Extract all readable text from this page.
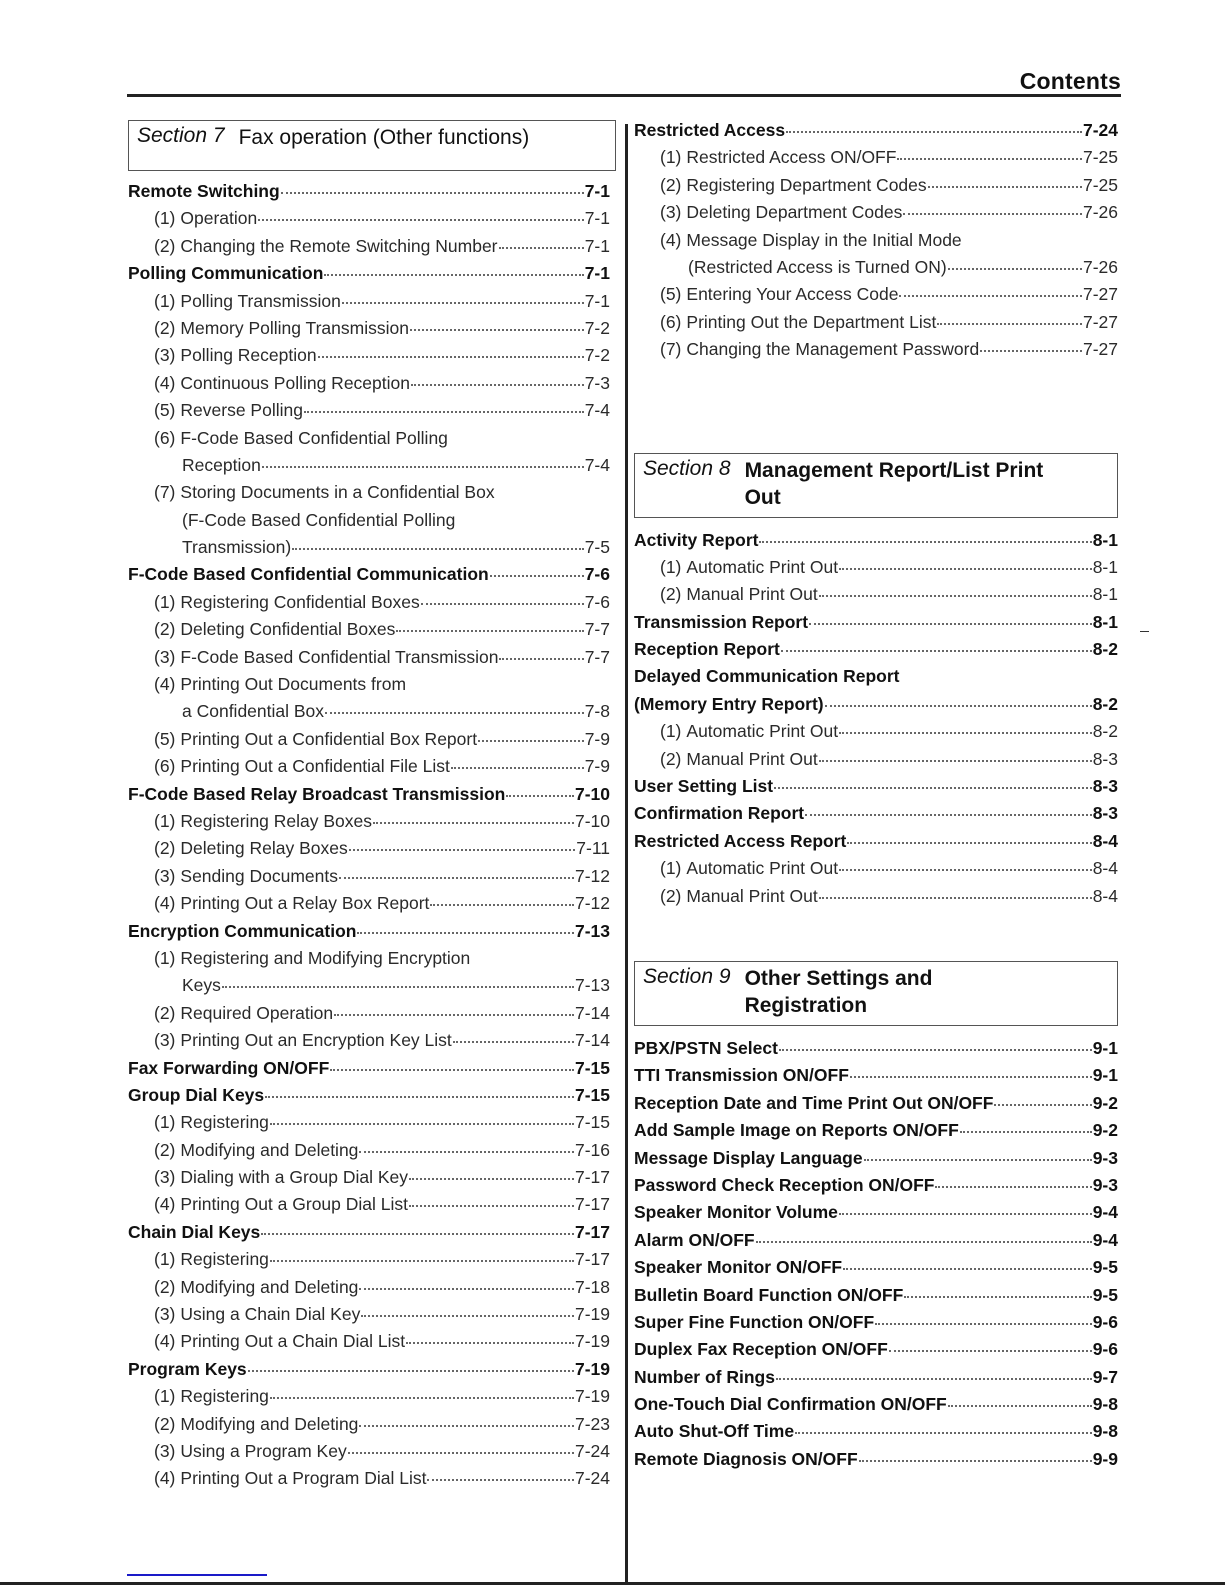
Contents
Section 7 Fax operation (Other functions)
Remote Switching	7-1
(1) Operation	7-1
(2) Changing the Remote Switching Number	7-1
Polling Communication	7-1
(1) Polling Transmission	7-1
(2) Memory Polling Transmission	7-2
(3) Polling Reception	7-2
(4) Continuous Polling Reception	7-3
(5) Reverse Polling	7-4
(6) F-Code Based Confidential Polling
Reception	7-4
(7) Storing Documents in a Confidential Box
(F-Code Based Confidential Polling
Transmission)	7-5
F-Code Based Confidential Communication	7-6
(1) Registering Confidential Boxes	7-6
(2) Deleting Confidential Boxes	7-7
(3) F-Code Based Confidential Transmission	7-7
(4) Printing Out Documents from
a Confidential Box	7-8
(5) Printing Out a Confidential Box Report	7-9
(6) Printing Out a Confidential File List	7-9
F-Code Based Relay Broadcast Transmission	7-10
(1) Registering Relay Boxes	7-10
(2) Deleting Relay Boxes	7-11
(3) Sending Documents	7-12
(4) Printing Out a Relay Box Report	7-12
Encryption Communication	7-13
(1) Registering and Modifying Encryption
Keys	7-13
(2) Required Operation	7-14
(3) Printing Out an Encryption Key List	7-14
Fax Forwarding ON/OFF	7-15
Group Dial Keys	7-15
(1) Registering	7-15
(2) Modifying and Deleting	7-16
(3) Dialing with a Group Dial Key	7-17
(4) Printing Out a Group Dial List	7-17
Chain Dial Keys	7-17
(1) Registering	7-17
(2) Modifying and Deleting	7-18
(3) Using a Chain Dial Key	7-19
(4) Printing Out a Chain Dial List	7-19
Program Keys	7-19
(1) Registering	7-19
(2) Modifying and Deleting	7-23
(3) Using a Program Key	7-24
(4) Printing Out a Program Dial List	7-24
Restricted Access	7-24
(1) Restricted Access ON/OFF	7-25
(2) Registering Department Codes	7-25
(3) Deleting Department Codes	7-26
(4) Message Display in the Initial Mode
(Restricted Access is Turned ON)	7-26
(5) Entering Your Access Code	7-27
(6) Printing Out the Department List	7-27
(7) Changing the Management Password	7-27
Section 8 Management Report/List Print
Out
Activity Report	8-1
(1) Automatic Print Out	8-1
(2) Manual Print Out	8-1
Transmission Report	8-1
Reception Report	8-2
Delayed Communication Report
(Memory Entry Report)	8-2
(1) Automatic Print Out	8-2
(2) Manual Print Out	8-3
User Setting List	8-3
Confirmation Report	8-3
Restricted Access Report	8-4
(1) Automatic Print Out	8-4
(2) Manual Print Out	8-4
Section 9 Other Settings and
Registration
PBX/PSTN Select	9-1
TTI Transmission ON/OFF	9-1
Reception Date and Time Print Out ON/OFF	9-2
Add Sample Image on Reports ON/OFF	9-2
Message Display Language	9-3
Password Check Reception ON/OFF	9-3
Speaker Monitor Volume	9-4
Alarm ON/OFF	9-4
Speaker Monitor ON/OFF	9-5
Bulletin Board Function ON/OFF	9-5
Super Fine Function ON/OFF	9-6
Duplex Fax Reception ON/OFF	9-6
Number of Rings	9-7
One-Touch Dial Confirmation ON/OFF	9-8
Auto Shut-Off Time	9-8
Remote Diagnosis ON/OFF	9-9
